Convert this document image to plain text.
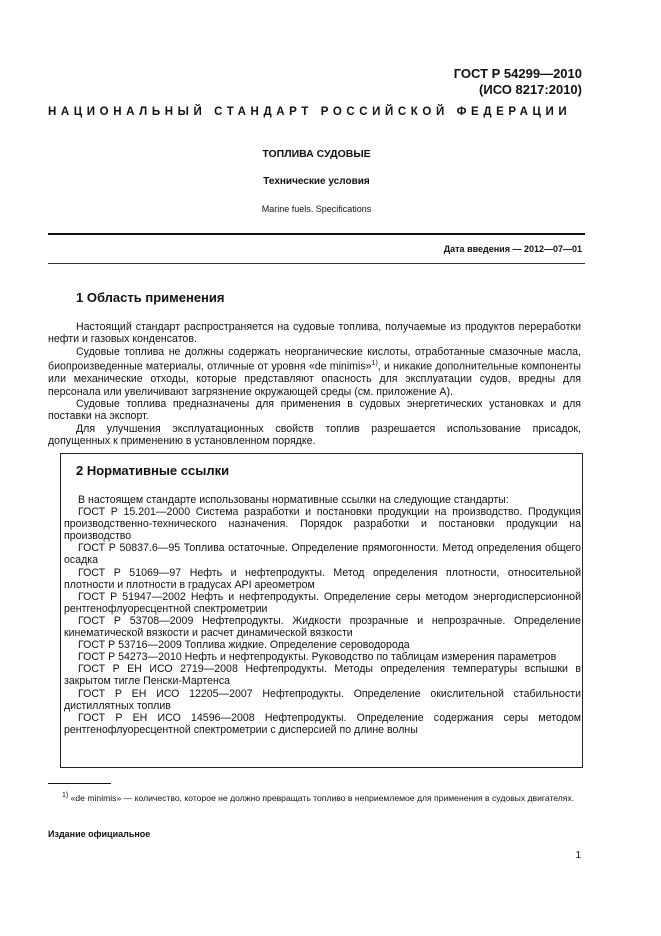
ГОСТ Р 54299—2010
(ИСО 8217:2010)
НАЦИОНАЛЬНЫЙ СТАНДАРТ РОССИЙСКОЙ ФЕДЕРАЦИИ
ТОПЛИВА СУДОВЫЕ
Технические условия
Marine fuels. Specifications
Дата введения — 2012—07—01
1 Область применения

Настоящий стандарт распространяется на судовые топлива, получаемые из продуктов переработки нефти и газовых конденсатов.

Судовые топлива не должны содержать неорганические кислоты, отработанные смазочные масла, биопроизведенные материалы, отличные от уровня «de minimis»$^{1)}$, и никакие дополнительные компоненты или механические отходы, которые представляют опасность для эксплуатации судов, вредны для персонала или увеличивают загрязнение окружающей среды (см. приложение А).

Судовые топлива предназначены для применения в судовых энергетических установках и для поставки на экспорт.

Для улучшения эксплуатационных свойств топлив разрешается использование присадок, допущенных к применению в установленном порядке.

2 Нормативные ссылки

В настоящем стандарте использованы нормативные ссылки на следующие стандарты:

ГОСТ Р 15.201—2000 Система разработки и постановки продукции на производство. Продукция производственно-технического назначения. Порядок разработки и постановки продукции на производство

ГОСТ Р 50837.6—95 Топлива остаточные. Определение прямогонности. Метод определения общего осадка

ГОСТ Р 51069—97 Нефть и нефтепродукты. Метод определения плотности, относительной плотности и плотности в градусах API ареометром

ГОСТ Р 51947—2002 Нефть и нефтепродукты. Определение серы методом энергодисперсионной рентгенофлуоресцентной спектрометрии

ГОСТ Р 53708—2009 Нефтепродукты. Жидкости прозрачные и непрозрачные. Определение кинематической вязкости и расчет динамической вязкости

ГОСТ Р 53716—2009 Топлива жидкие. Определение сероводорода

ГОСТ Р 54273—2010 Нефть и нефтепродукты. Руководство по таблицам измерения параметров

ГОСТ Р ЕН ИСО 2719—2008 Нефтепродукты. Методы определения температуры вспышки в закрытом тигле Пенски-Мартенса

ГОСТ Р ЕН ИСО 12205—2007 Нефтепродукты. Определение окислительной стабильности дистиллятных топлив

ГОСТ Р ЕН ИСО 14596—2008 Нефтепродукты. Определение содержания серы методом рентгенофлуоресцентной спектрометрии с дисперсией по длине волны

$^{1)}$ «de minimis» — количество, которое не должно превращать топливо в неприемлемое для применения в судовых двигателях.

Издание официальное
1
